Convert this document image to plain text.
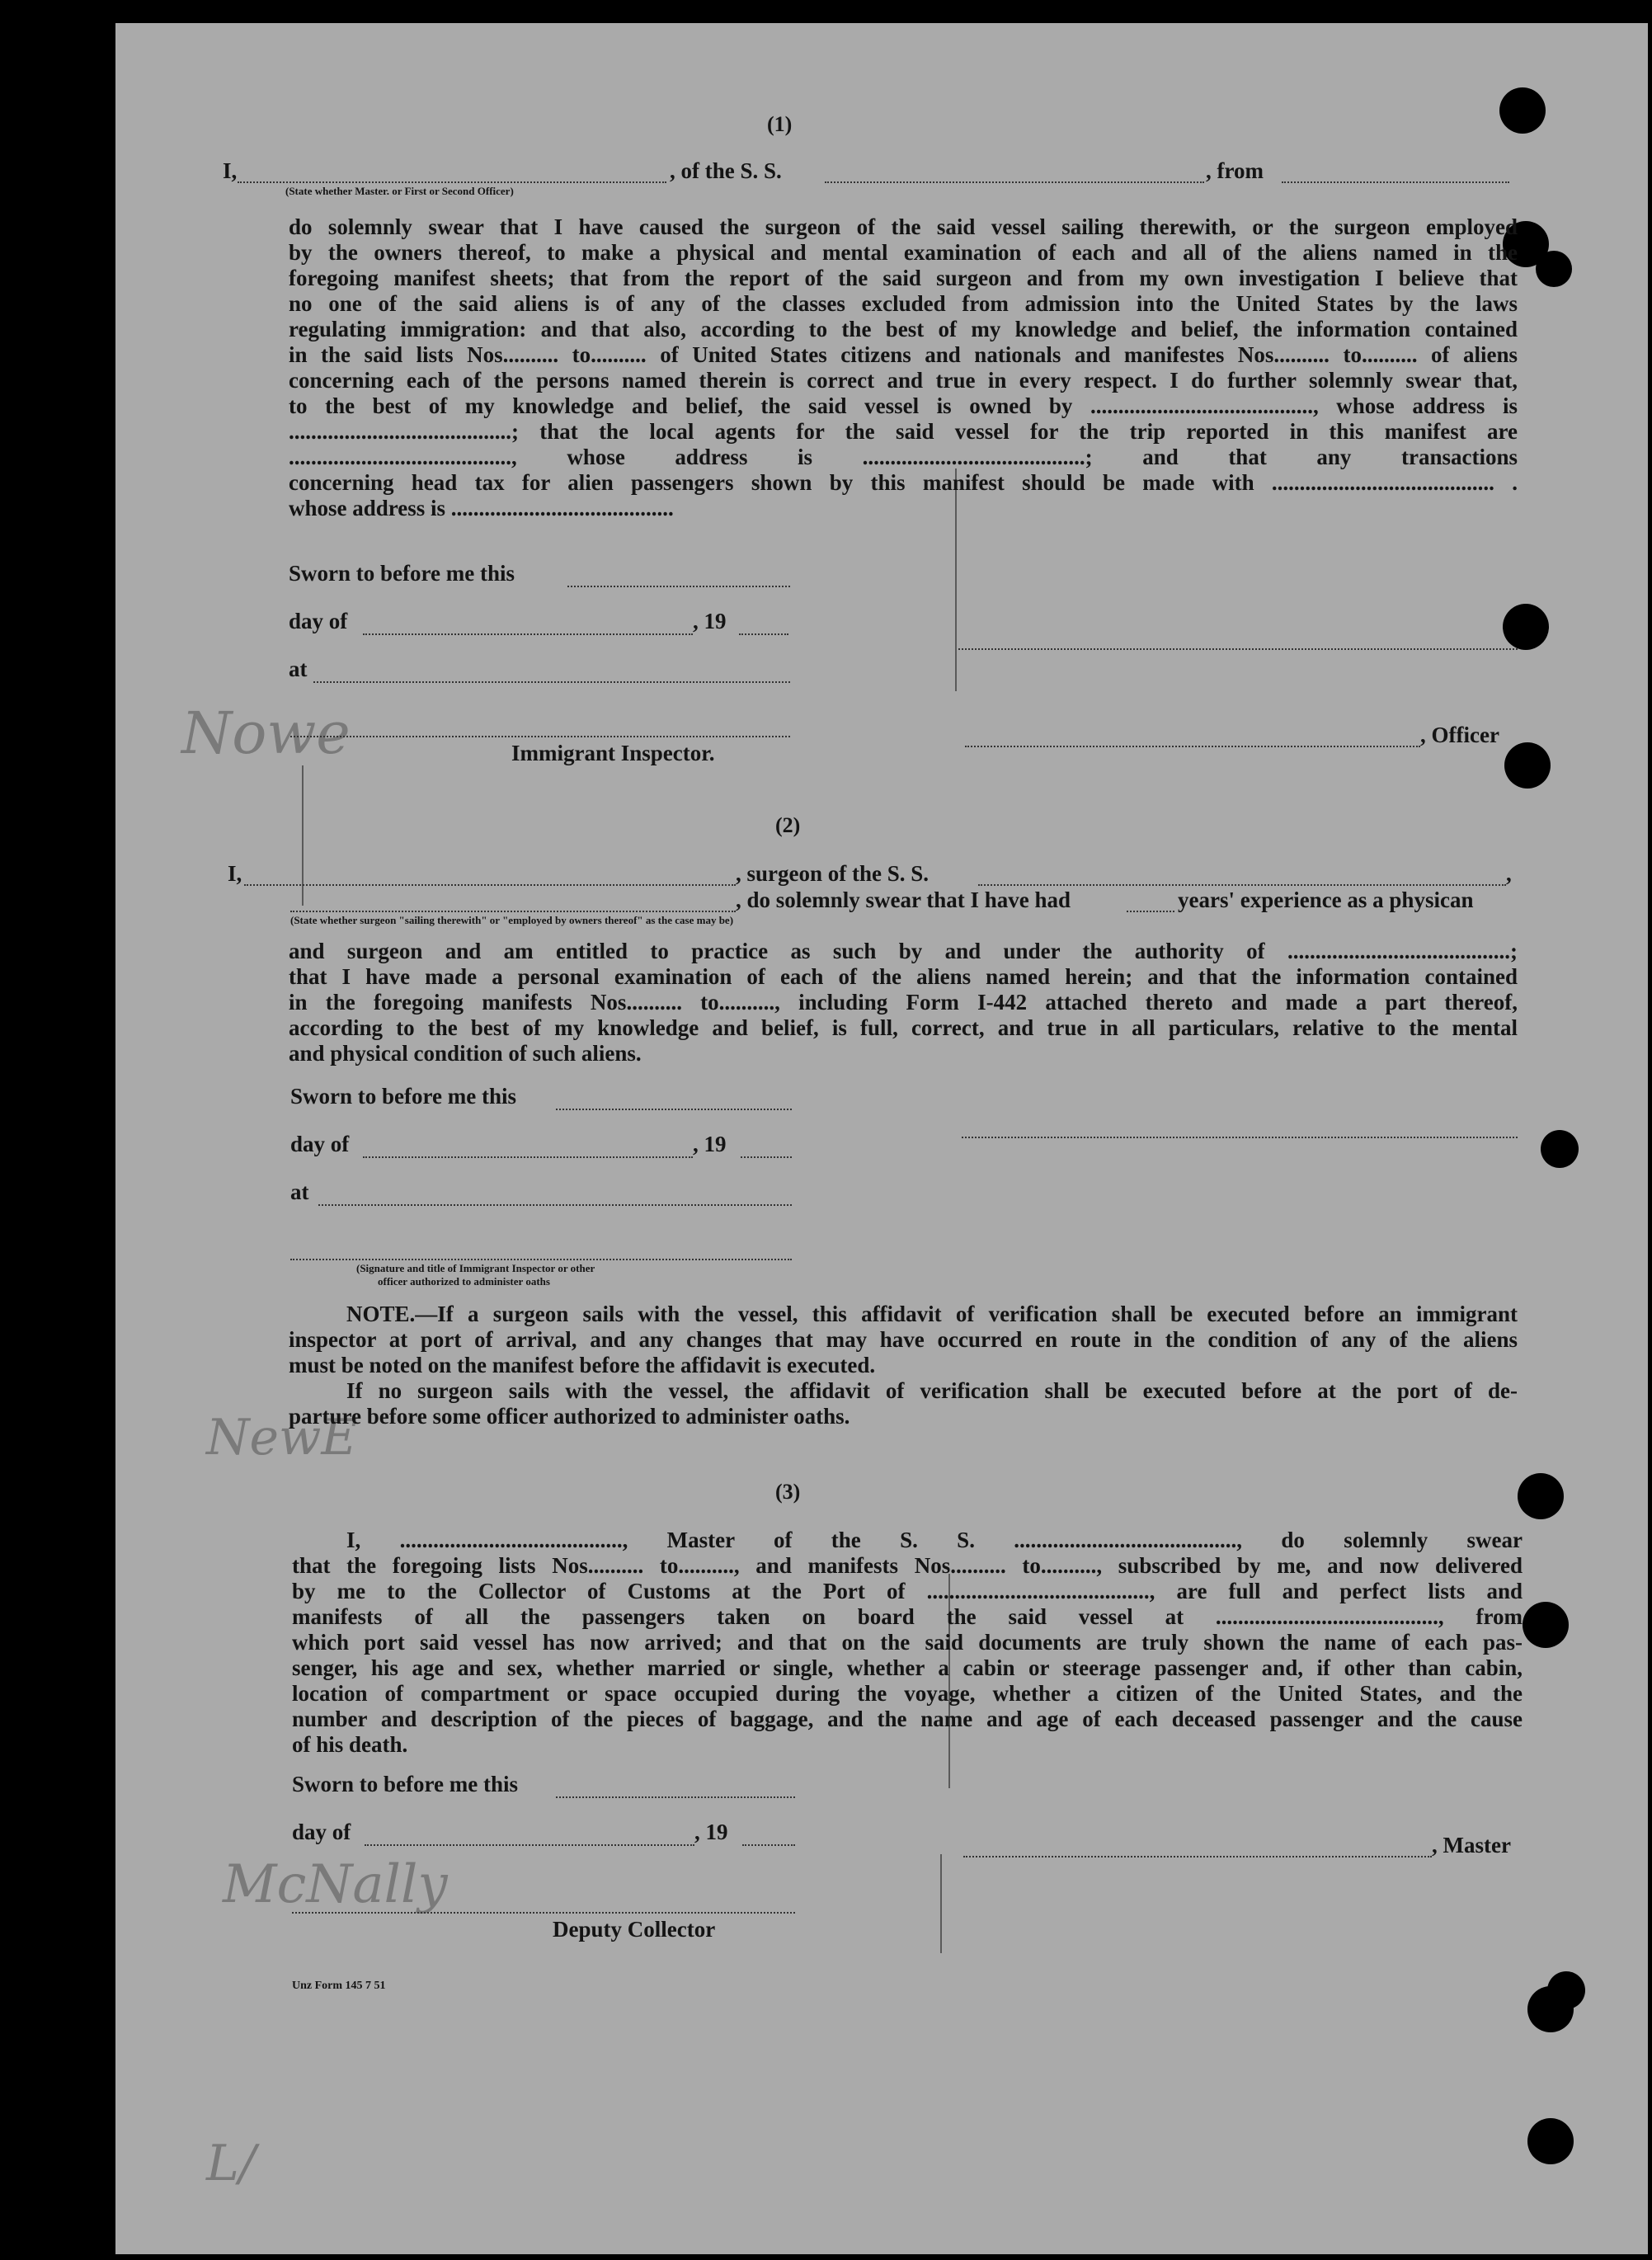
Nowe
NewE
McNally
L/
(1)
I,	, of the S. S.	, from
(State whether Master. or First or Second Officer)
do solemnly swear that I have caused the surgeon of the said vessel sailing therewith, or the surgeon employed
by the owners thereof, to make a physical and mental examination of each and all of the aliens named in the
foregoing manifest sheets; that from the report of the said surgeon and from my own investigation I believe that
no one of the said aliens is of any of the classes excluded from admission into the United States by the laws
regulating immigration: and that also, according to the best of my knowledge and belief, the information contained
in the said lists Nos.......... to.......... of United States citizens and nationals and manifestes Nos.......... to.......... of aliens
concerning each of the persons named therein is correct and true in every respect. I do further solemnly swear that,
to the best of my knowledge and belief, the said vessel is owned by ........................................, whose address is
........................................; that the local agents for the said vessel for the trip reported in this manifest are
........................................, whose address is ........................................; and that any transactions
concerning head tax for alien passengers shown by this manifest should be made with ........................................ .
whose address is ........................................
Sworn to before me this
day of	, 19
at
, Officer
Immigrant Inspector.
(2)
I,	, surgeon of the S. S.	,
, do solemnly swear that I have had	years' experience as a physican
(State whether surgeon "sailing therewith" or "employed by owners thereof" as the case may be)
and surgeon and am entitled to practice as such by and under the authority of ........................................;
that I have made a personal examination of each of the aliens named herein; and that the information contained
in the foregoing manifests Nos.......... to.........., including Form I-442 attached thereto and made a part thereof,
according to the best of my knowledge and belief, is full, correct, and true in all particulars, relative to the mental
and physical condition of such aliens.
Sworn to before me this
day of	, 19
at
(Signature and title of Immigrant Inspector or other
officer authorized to administer oaths
NOTE.—If a surgeon sails with the vessel, this affidavit of verification shall be executed before an immigrant
inspector at port of arrival, and any changes that may have occurred en route in the condition of any of the aliens
must be noted on the manifest before the affidavit is executed.
If no surgeon sails with the vessel, the affidavit of verification shall be executed before at the port of de-
parture before some officer authorized to administer oaths.
(3)
I, ........................................, Master of the S. S. ........................................, do solemnly swear
that the foregoing lists Nos.......... to.........., and manifests Nos.......... to.........., subscribed by me, and now delivered
by me to the Collector of Customs at the Port of ........................................, are full and perfect lists and
manifests of all the passengers taken on board the said vessel at ........................................, from
which port said vessel has now arrived; and that on the said documents are truly shown the name of each pas-
senger, his age and sex, whether married or single, whether a cabin or steerage passenger and, if other than cabin,
location of compartment or space occupied during the voyage, whether a citizen of the United States, and the
number and description of the pieces of baggage, and the name and age of each deceased passenger and the cause
of his death.
Sworn to before me this
day of	, 19
, Master
Deputy Collector
Unz Form 145 7 51
